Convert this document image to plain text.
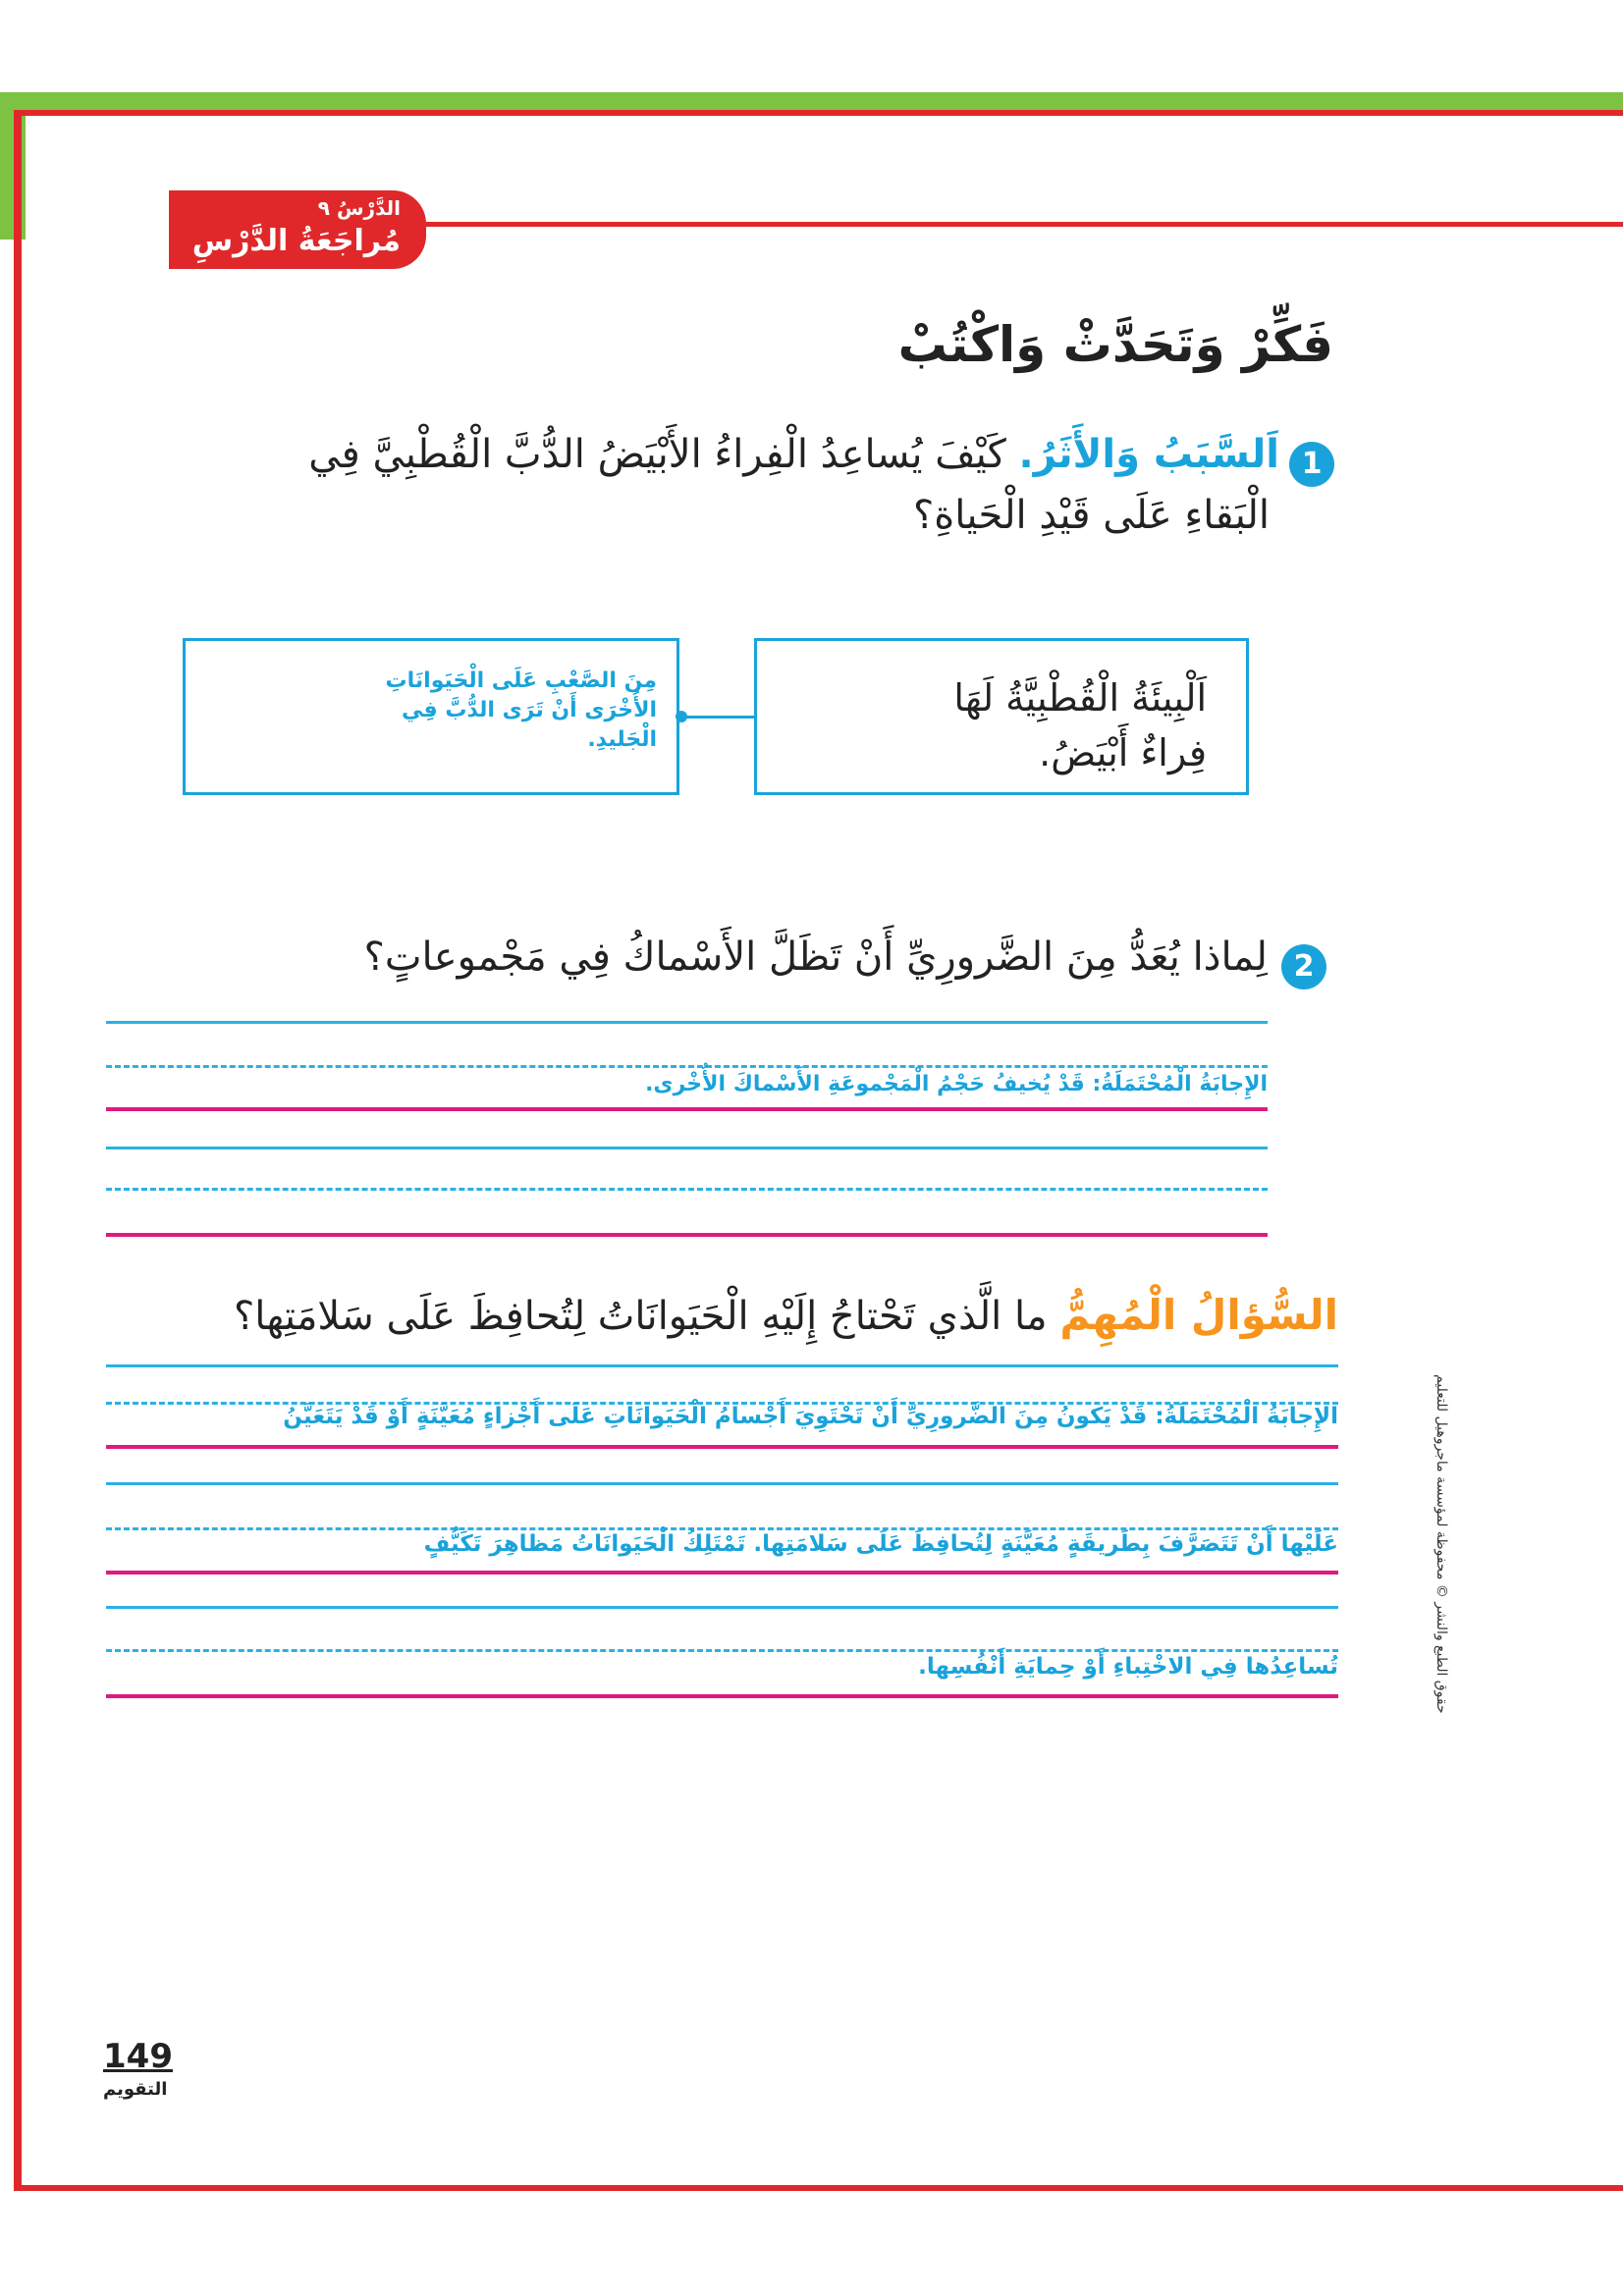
الدَّرْسُ ٩
مُراجَعَةُ الدَّرْسِ
فَكِّرْ وَتَحَدَّثْ وَاكْتُبْ
1
اَلسَّبَبُ وَالأَثَرُ. كَيْفَ يُساعِدُ الْفِراءُ الأَبْيَضُ الدُّبَّ الْقُطْبِيَّ فِي
الْبَقاءِ عَلَى قَيْدِ الْحَياةِ؟
اَلْبِيئَةُ الْقُطْبِيَّةُ لَهَا فِراءٌ أَبْيَضُ.
مِنَ الصَّعْبِ عَلَى الْحَيَوانَاتِ الأُخْرَى أَنْ تَرَى الدُّبَّ فِي الْجَليدِ.
2
لِماذا يُعَدُّ مِنَ الضَّرورِيِّ أَنْ تَظَلَّ الأَسْماكُ فِي مَجْموعاتٍ؟
الإِجابَةُ الْمُحْتَمَلَةُ: قَدْ يُخيفُ حَجْمُ الْمَجْموعَةِ الأَسْماكَ الأُخْرى.
السُّؤالُ الْمُهِمُّ ما الَّذي تَحْتاجُ إِلَيْهِ الْحَيَوانَاتُ لِتُحافِظَ عَلَى سَلامَتِها؟
الإِجابَةُ الْمُحْتَمَلَةُ: قَدْ يَكونُ مِنَ الضَّرورِيِّ أَنْ تَحْتَوِيَ أَجْسامُ الْحَيَوانَاتِ عَلَى أَجْزاءٍ مُعَيَّنَةٍ أَوْ قَدْ يَتَعَيَّنُ
عَلَيْها أَنْ تَتَصَرَّفَ بِطَريقَةٍ مُعَيَّنَةٍ لِتُحافِظَ عَلَى سَلامَتِها. تَمْتَلِكُ الْحَيَوانَاتُ مَظاهِرَ تَكَيُّفٍ
تُساعِدُها فِي الاخْتِباءِ أَوْ حِمايَةِ أَنْفُسِها.	حقوق الطبع والنشر © محفوظة لمؤسسة ماجروهيل للتعليم
149
التقويم
